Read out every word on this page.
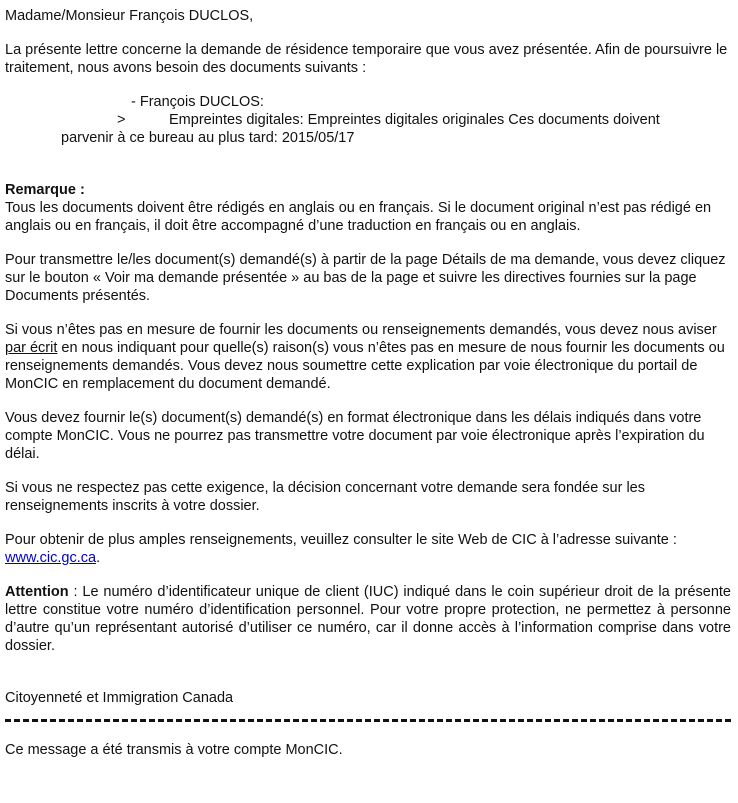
Madame/Monsieur François DUCLOS,

La présente lettre concerne la demande de résidence temporaire que vous avez présentée. Afin de poursuivre le traitement, nous avons besoin des documents suivants :

- François DUCLOS:

>	Empreintes digitales: Empreintes digitales originales Ces documents doivent

parvenir à ce bureau au plus tard: 2015/05/17

Remarque :

Tous les documents doivent être rédigés en anglais ou en français. Si le document original n’est pas rédigé en anglais ou en français, il doit être accompagné d’une traduction en français ou en anglais.

Pour transmettre le/les document(s) demandé(s) à partir de la page Détails de ma demande, vous devez cliquez sur le bouton « Voir ma demande présentée » au bas de la page et suivre les directives fournies sur la page Documents présentés.

Si vous n’êtes pas en mesure de fournir les documents ou renseignements demandés, vous devez nous aviser par écrit en nous indiquant pour quelle(s) raison(s) vous n’êtes pas en mesure de nous fournir les documents ou renseignements demandés. Vous devez nous soumettre cette explication par voie électronique du portail de MonCIC en remplacement du document demandé.

Vous devez fournir le(s) document(s) demandé(s) en format électronique dans les délais indiqués dans votre compte MonCIC. Vous ne pourrez pas transmettre votre document par voie électronique après l’expiration du délai.

Si vous ne respectez pas cette exigence, la décision concernant votre demande sera fondée sur les renseignements inscrits à votre dossier.

Pour obtenir de plus amples renseignements, veuillez consulter le site Web de CIC à l’adresse suivante : www.cic.gc.ca.

Attention : Le numéro d’identificateur unique de client (IUC) indiqué dans le coin supérieur droit de la présente lettre constitue votre numéro d’identification personnel. Pour votre propre protection, ne permettez à personne d’autre qu’un représentant autorisé d’utiliser ce numéro, car il donne accès à l’information comprise dans votre dossier.

Citoyenneté et Immigration Canada

Ce message a été transmis à votre compte MonCIC.
